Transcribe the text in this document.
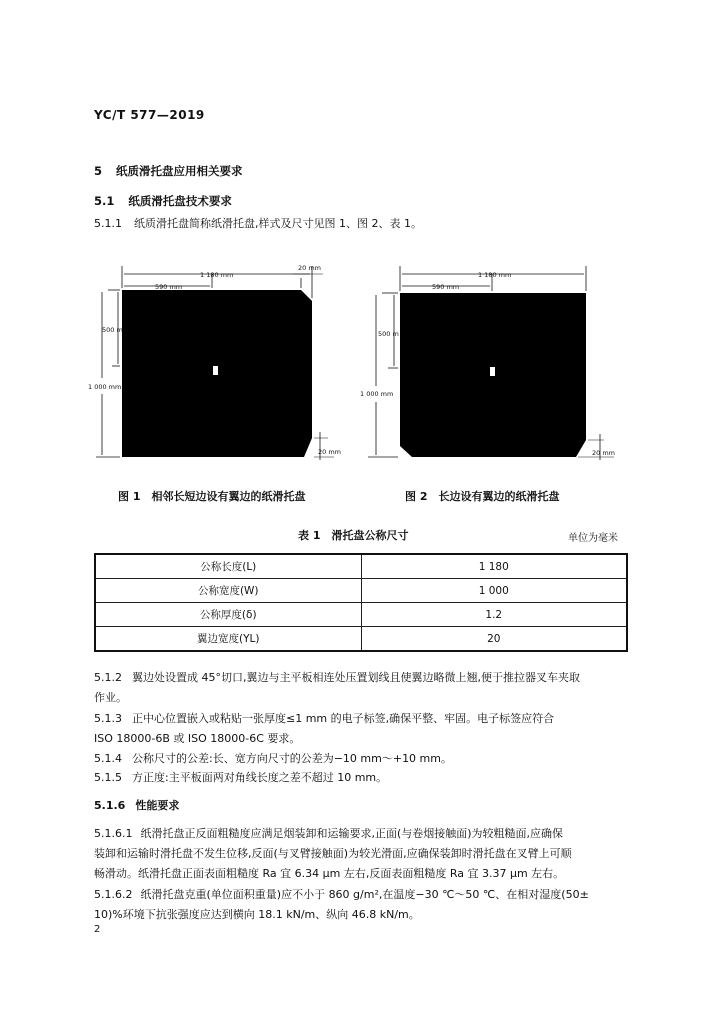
YC/T 577—2019
5 纸质滑托盘应用相关要求
5.1 纸质滑托盘技术要求
5.1.1 纸质滑托盘简称纸滑托盘,样式及尺寸见图 1、图 2、表 1。
1 180 mm
590 mm
20 mm
500 m
1 000 mm
20 mm
1 180 mm
590 mm
500 m
1 000 mm
20 mm
图 1　相邻长短边设有翼边的纸滑托盘	图 2　长边设有翼边的纸滑托盘
表 1　滑托盘公称尺寸	单位为毫米
公称长度(L)	1 180
公称宽度(W)	1 000
公称厚度(δ)	1.2
翼边宽度(YL)	20
5.1.2 翼边处设置成 45°切口,翼边与主平板相连处压置划线且使翼边略微上翘,便于推拉器叉车夹取
作业。
5.1.3 正中心位置嵌入或粘贴一张厚度≤1 mm 的电子标签,确保平整、牢固。电子标签应符合
ISO 18000-6B 或 ISO 18000-6C 要求。
5.1.4 公称尺寸的公差:长、宽方向尺寸的公差为−10 mm～+10 mm。
5.1.5 方正度:主平板面两对角线长度之差不超过 10 mm。
5.1.6 性能要求
5.1.6.1 纸滑托盘正反面粗糙度应满足烟装卸和运输要求,正面(与卷烟接触面)为较粗糙面,应确保
装卸和运输时滑托盘不发生位移,反面(与叉臂接触面)为较光滑面,应确保装卸时滑托盘在叉臂上可顺
畅滑动。纸滑托盘正面表面粗糙度 Ra 宜 6.34 μm 左右,反面表面粗糙度 Ra 宜 3.37 μm 左右。
5.1.6.2 纸滑托盘克重(单位面积重量)应不小于 860 g/m²,在温度−30 ℃～50 ℃、在相对湿度(50±
10)%环境下抗张强度应达到横向 18.1 kN/m、纵向 46.8 kN/m。
2
